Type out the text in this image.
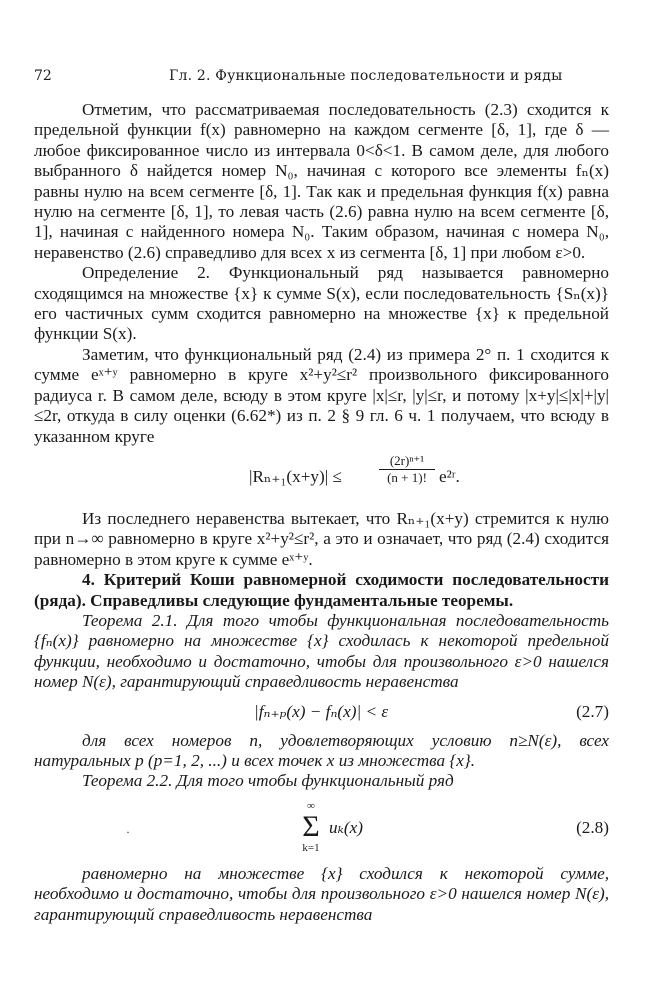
72	Гл. 2. Функциональные последовательности и ряды

Отметим, что рассматриваемая последовательность (2.3) сходится к предельной функции f(x) равномерно на каждом сегменте [δ, 1], где δ — любое фиксированное число из интервала 0<δ<1. В самом деле, для любого выбранного δ найдется номер N₀, начиная с которого все элементы fₙ(x) равны нулю на всем сегменте [δ, 1]. Так как и предельная функция f(x) равна нулю на сегменте [δ, 1], то левая часть (2.6) равна нулю на всем сегменте [δ, 1], начиная с найденного номера N₀. Таким образом, начиная с номера N₀, неравенство (2.6) справедливо для всех x из сегмента [δ, 1] при любом ε>0.

Определение 2. Функциональный ряд называется равномерно сходящимся на множестве {x} к сумме S(x), если последовательность {Sₙ(x)} его частичных сумм сходится равномерно на множестве {x} к предельной функции S(x).

Заметим, что функциональный ряд (2.4) из примера 2° п. 1 сходится к сумме eˣ⁺ʸ равномерно в круге x²+y²≤r² произвольного фиксированного радиуса r. В самом деле, всюду в этом круге |x|≤r, |y|≤r, и потому |x+y|≤|x|+|y|≤2r, откуда в силу оценки (6.62*) из п. 2 § 9 гл. 6 ч. 1 получаем, что всюду в указанном круге

|Rₙ₊₁(x+y)| ≤	$\frac{\text{(2r)ⁿ⁺¹}}{(n + 1)!}$ e²ʳ.

Из последнего неравенства вытекает, что Rₙ₊₁(x+y) стремится к нулю при n→∞ равномерно в круге x²+y²≤r², а это и означает, что ряд (2.4) сходится равномерно в этом круге к сумме eˣ⁺ʸ.

4. Критерий Коши равномерной сходимости последовательности (ряда). Справедливы следующие фундаментальные теоремы.

Теорема 2.1. Для того чтобы функциональная последовательность {fₙ(x)} равномерно на множестве {x} сходилась к некоторой предельной функции, необходимо и достаточно, чтобы для произвольного ε>0 нашелся номер N(ε), гарантирующий справедливость неравенства

|fₙ₊ₚ(x) − fₙ(x)| < ε	(2.7)

для всех номеров n, удовлетворяющих условию n≥N(ε), всех натуральных p (p=1, 2, ...) и всех точек x из множества {x}.

Теорема 2.2. Для того чтобы функциональный ряд

·
∞
Σ
k=1
uₖ(x)	(2.8)

равномерно на множестве {x} сходился к некоторой сумме, необходимо и достаточно, чтобы для произвольного ε>0 нашелся номер N(ε), гарантирующий справедливость неравенства
